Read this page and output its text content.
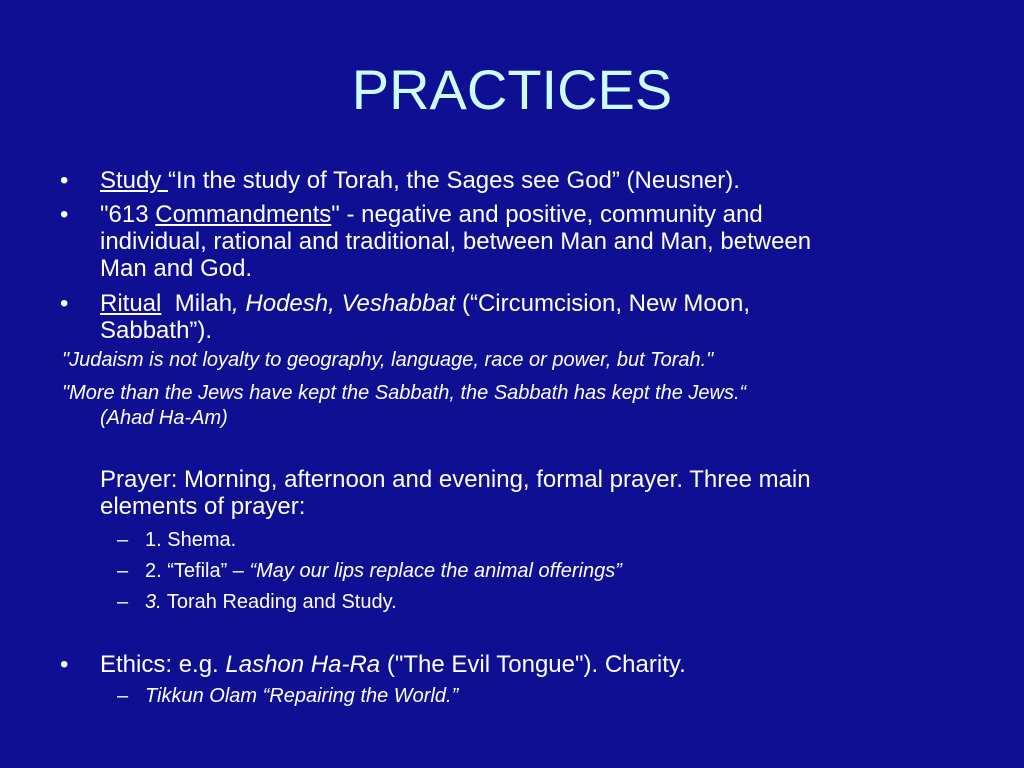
PRACTICES
• Study “In the study of Torah, the Sages see God” (Neusner).
• "613 Commandments" - negative and positive, community and
individual, rational and traditional, between Man and Man, between
Man and God.
• Ritual  Milah, Hodesh, Veshabbat (“Circumcision, New Moon,
Sabbath”).
"Judaism is not loyalty to geography, language, race or power, but Torah."
"More than the Jews have kept the Sabbath, the Sabbath has kept the Jews.“
(Ahad Ha-Am)
Prayer: Morning, afternoon and evening, formal prayer. Three main
elements of prayer:
– 1. Shema.
– 2. “Tefila” – “May our lips replace the animal offerings”
– 3. Torah Reading and Study.
• Ethics: e.g. Lashon Ha-Ra ("The Evil Tongue"). Charity.
– Tikkun Olam “Repairing the World.”
